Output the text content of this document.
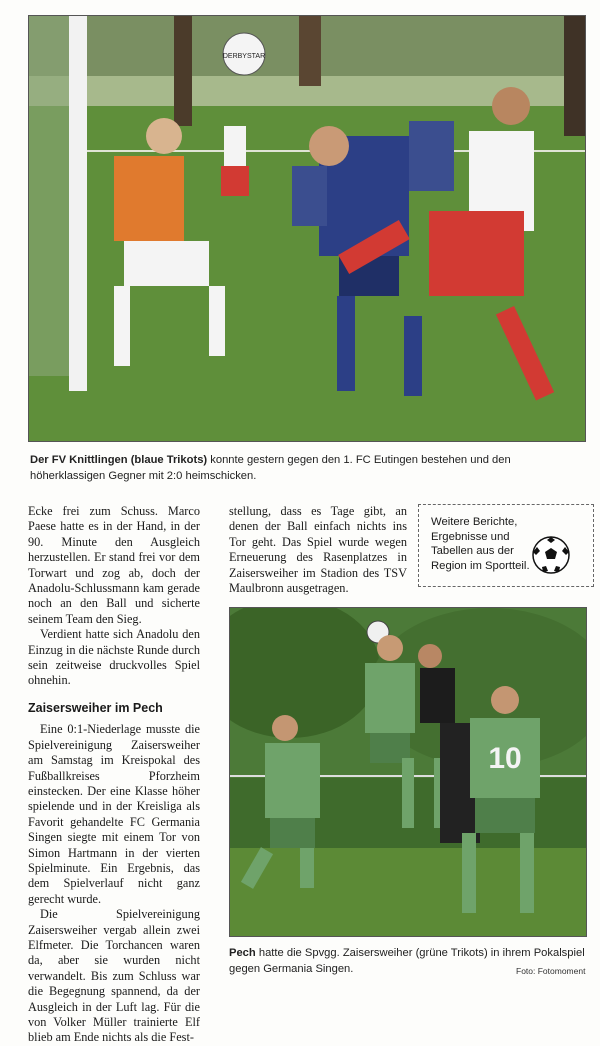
DERBYSTAR
Der FV Knittlingen (blaue Trikots) konnte gestern gegen den 1. FC Eutingen bestehen und den höherklassigen Gegner mit 2:0 heimschicken.

Ecke frei zum Schuss. Marco Paese hatte es in der Hand, in der 90. Minute den Ausgleich herzustellen. Er stand frei vor dem Torwart und zog ab, doch der Anadolu-Schlussmann kam gerade noch an den Ball und sicherte seinem Team den Sieg.

Verdient hatte sich Anadolu den Einzug in die nächste Runde durch sein zeitweise druckvolles Spiel ohnehin.

Zaisersweiher im Pech

Eine 0:1-Niederlage musste die Spielvereinigung Zaisersweiher am Samstag im Kreispokal des Fußballkreises Pforzheim einstecken. Der eine Klasse höher spielende und in der Kreisliga als Favorit gehandelte FC Germania Singen siegte mit einem Tor von Simon Hartmann in der vierten Spielminute. Ein Ergebnis, das dem Spielverlauf nicht ganz gerecht wurde.

Die Spielvereinigung Zaisersweiher vergab allein zwei Elfmeter. Die Torchancen waren da, aber sie wurden nicht verwandelt. Bis zum Schluss war die Begegnung spannend, da der Ausgleich in der Luft lag. Für die von Volker Müller trainierte Elf blieb am Ende nichts als die Fest-

stellung, dass es Tage gibt, an denen der Ball einfach nichts ins Tor geht. Das Spiel wurde wegen Erneuerung des Rasenplatzes in Zaisersweiher im Stadion des TSV Maulbronn ausgetragen.

Weitere Berichte, Ergebnisse und Tabellen aus der Region im Sportteil.
10
Pech hatte die Spvgg. Zaisersweiher (grüne Trikots) in ihrem Pokalspiel gegen Germania Singen.	Foto: Fotomoment
